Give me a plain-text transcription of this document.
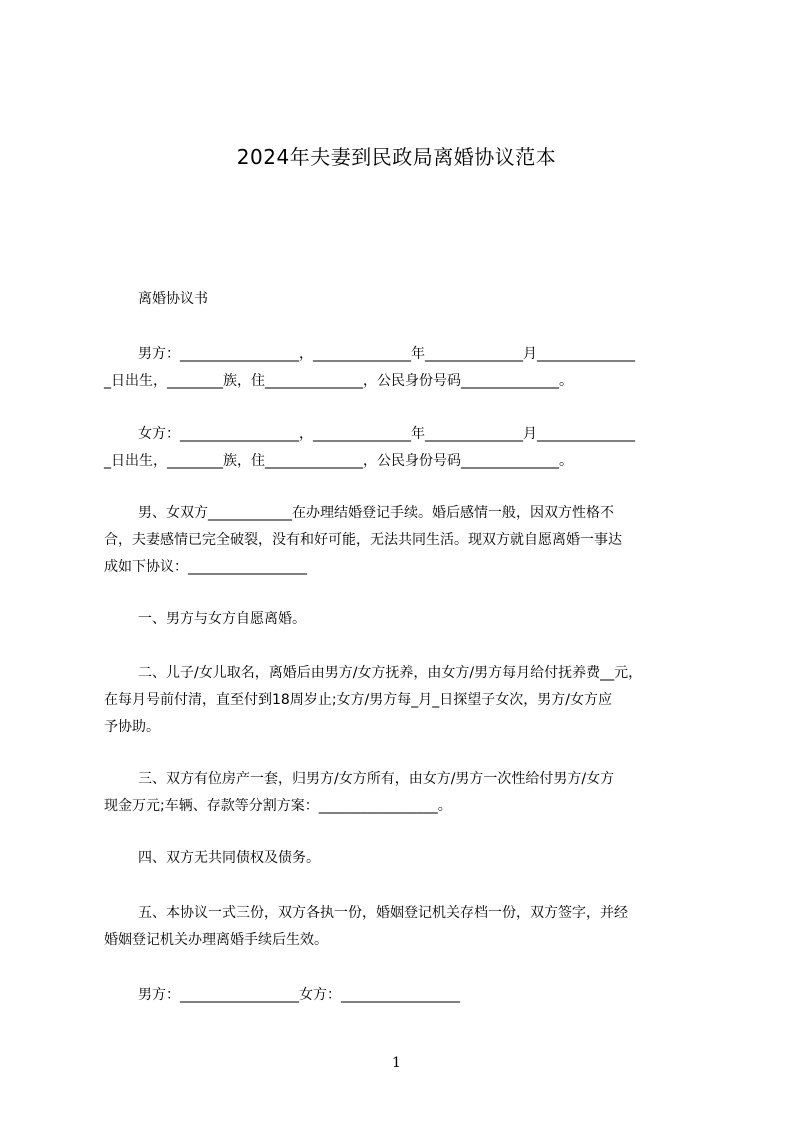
2024年夫妻到民政局离婚协议范本
离婚协议书
男方：_________________，______________年______________月______________
_日出生，________族，住______________，公民身份号码______________。
女方：_________________，______________年______________月______________
_日出生，________族，住______________，公民身份号码______________。
男、女双方____________在办理结婚登记手续。婚后感情一般，因双方性格不
合，夫妻感情已完全破裂，没有和好可能，无法共同生活。现双方就自愿离婚一事达
成如下协议：_________________
一、男方与女方自愿离婚。
二、儿子/女儿取名，离婚后由男方/女方抚养，由女方/男方每月给付抚养费__元，
在每月号前付清，直至付到18周岁止;女方/男方每_月_日探望子女次，男方/女方应
予协助。
三、双方有位房产一套，归男方/女方所有，由女方/男方一次性给付男方/女方
现金万元;车辆、存款等分割方案：_________________。
四、双方无共同债权及债务。
五、本协议一式三份，双方各执一份，婚姻登记机关存档一份，双方签字，并经
婚姻登记机关办理离婚手续后生效。
男方：_________________女方：_________________
1
